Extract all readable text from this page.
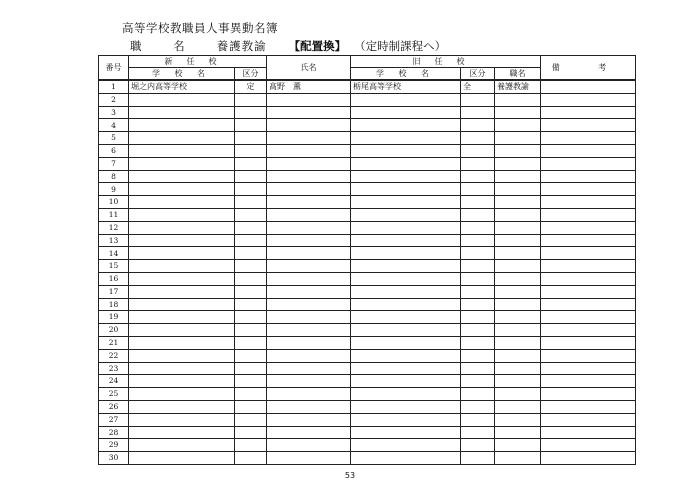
高等学校教職員人事異動名簿
職 名 養護教諭 【配置換】 （定時制課程へ）
番号	新任校		氏名	旧任校			備 考
	学 校 名	区分		学 校 名	区分	職名	
1	堀之内高等学校	定	髙野　薫	栃尾高等学校	全	養護教諭	
2							
3							
4							
5							
6							
7							
8							
9							
10							
11							
12							
13							
14							
15							
16							
17							
18							
19							
20							
21							
22							
23							
24							
25							
26							
27							
28							
29							
30							
53
